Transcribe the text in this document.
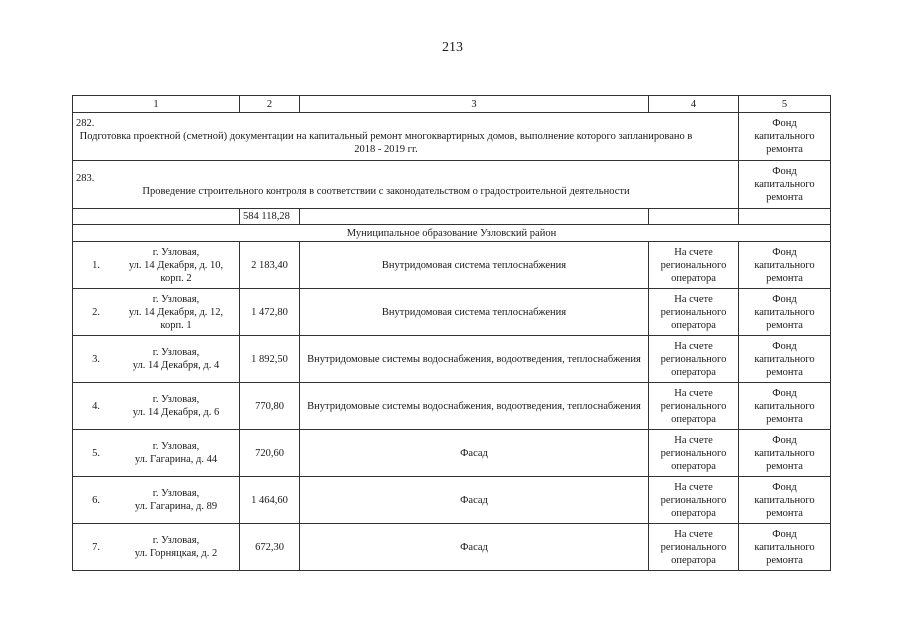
213
1	2	3	4	5
282.Подготовка проектной (сметной) документации на капитальный ремонт многоквартирных домов, выполнение которого запланировано в 2018 - 2019 гг.				Фонд капитального ремонта
283.Проведение строительного контроля в соответствии с законодательством о градостроительной деятельности				Фонд капитального ремонта
	584 118,28			
Муниципальное образование Узловский район				

1.
г. Узловая,
ул. 14 Декабря, д. 10,
корп. 2	2 183,40	Внутридомовая система теплоснабжения	На счете регионального оператора	Фонд капитального ремонта

2.
г. Узловая,
ул. 14 Декабря, д. 12,
корп. 1	1 472,80	Внутридомовая система теплоснабжения	На счете регионального оператора	Фонд капитального ремонта

3.
г. Узловая,
ул. 14 Декабря, д. 4	1 892,50	Внутридомовые системы водоснабжения, водоотведения, теплоснабжения	На счете регионального оператора	Фонд капитального ремонта

4.
г. Узловая,
ул. 14 Декабря, д. 6	770,80	Внутридомовые системы водоснабжения, водоотведения, теплоснабжения	На счете регионального оператора	Фонд капитального ремонта

5.
г. Узловая,
ул. Гагарина, д. 44	720,60	Фасад	На счете регионального оператора	Фонд капитального ремонта

6.
г. Узловая,
ул. Гагарина, д. 89	1 464,60	Фасад	На счете регионального оператора	Фонд капитального ремонта

7.
г. Узловая,
ул. Горняцкая, д. 2	672,30	Фасад	На счете регионального оператора	Фонд капитального ремонта
